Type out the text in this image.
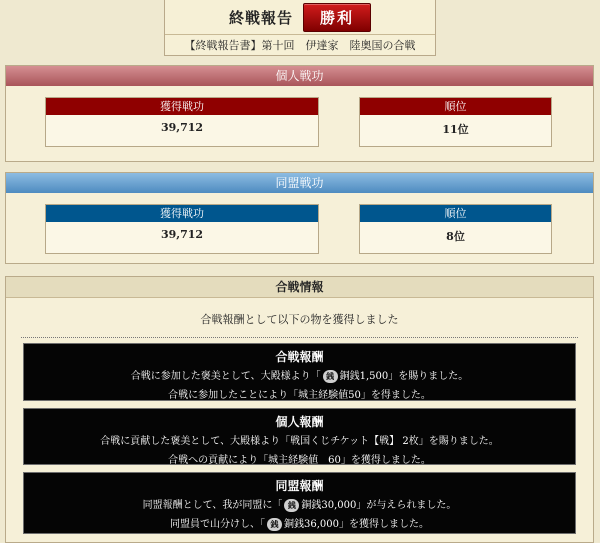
終戦報告	勝利
【終戦報告書】第十回　伊達家　陸奥国の合戦
個人戦功
獲得戦功
39,712
順位
11位
同盟戦功
獲得戦功
39,712
順位
8位
合戦情報
合戦報酬として以下の物を獲得しました
合戦報酬
合戦に参加した褒美として、大殿様より「 銭 銅銭1,500」を賜りました。
合戦に参加したことにより「城主経験値50」を得ました。
個人報酬
合戦に貢献した褒美として、大殿様より「戦国くじチケット【戦】 2枚」を賜りました。
合戦への貢献により「城主経験値　60」を獲得しました。
同盟報酬
同盟報酬として、我が同盟に「 銭 銅銭30,000」が与えられました。
同盟員で山分けし、「 銭 銅銭36,000」を獲得しました。
